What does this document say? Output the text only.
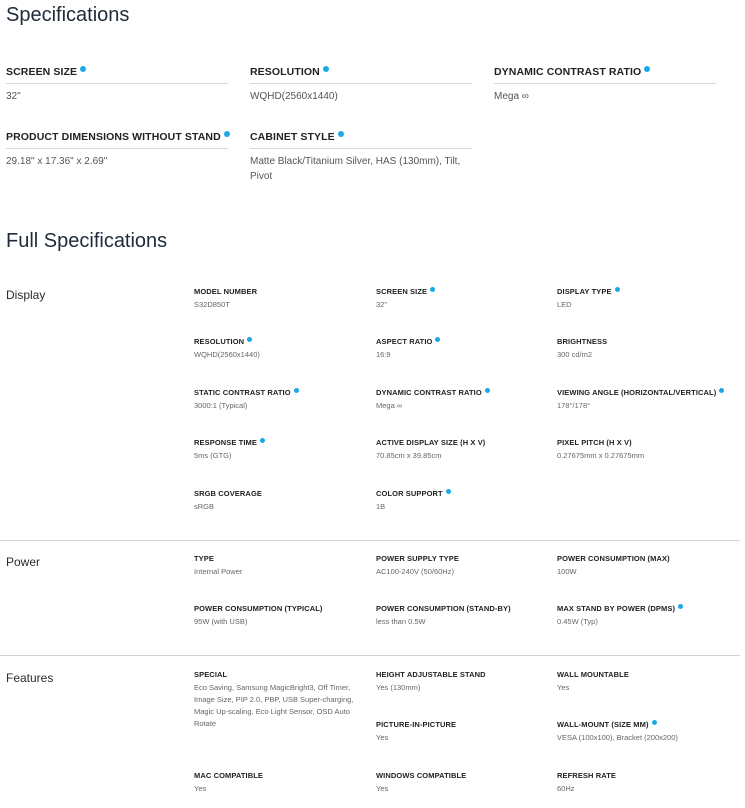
Specifications
SCREEN SIZE
32"
RESOLUTION
WQHD(2560x1440)
DYNAMIC CONTRAST RATIO
Mega ∞
PRODUCT DIMENSIONS WITHOUT STAND
29.18" x 17.36" x 2.69"
CABINET STYLE
Matte Black/Titanium Silver, HAS (130mm), Tilt, Pivot
Full Specifications
Display	MODEL NUMBER
S32D850T
SCREEN SIZE
32"
DISPLAY TYPE
LED
RESOLUTION
WQHD(2560x1440)
ASPECT RATIO
16:9
BRIGHTNESS
300 cd/m2
STATIC CONTRAST RATIO
3000:1 (Typical)
DYNAMIC CONTRAST RATIO
Mega ∞
VIEWING ANGLE (HORIZONTAL/VERTICAL)
178°/178°
RESPONSE TIME
5ms (GTG)
ACTIVE DISPLAY SIZE (H X V)
70.85cm x 39.85cm
PIXEL PITCH (H X V)
0.27675mm x 0.27675mm
SRGB COVERAGE
sRGB
COLOR SUPPORT
1B
Power	TYPE
Internal Power
POWER SUPPLY TYPE
AC100-240V (50/60Hz)
POWER CONSUMPTION (MAX)
100W
POWER CONSUMPTION (TYPICAL)
95W (with USB)
POWER CONSUMPTION (STAND-BY)
less than 0.5W
MAX STAND BY POWER (DPMS)
0.45W (Typ)
Features	SPECIAL
Eco Saving, Samsung MagicBright3, Off Timer, Image Size, PIP 2.0, PBP, USB Super-charging, Magic Up-scaling, Eco Light Sensor, OSD Auto Rotate
HEIGHT ADJUSTABLE STAND
Yes (130mm)
WALL MOUNTABLE
Yes
PICTURE-IN-PICTURE
Yes
WALL-MOUNT (SIZE MM)
VESA (100x100), Bracket (200x200)
MAC COMPATIBLE
Yes
WINDOWS COMPATIBLE
Yes
REFRESH RATE
60Hz
